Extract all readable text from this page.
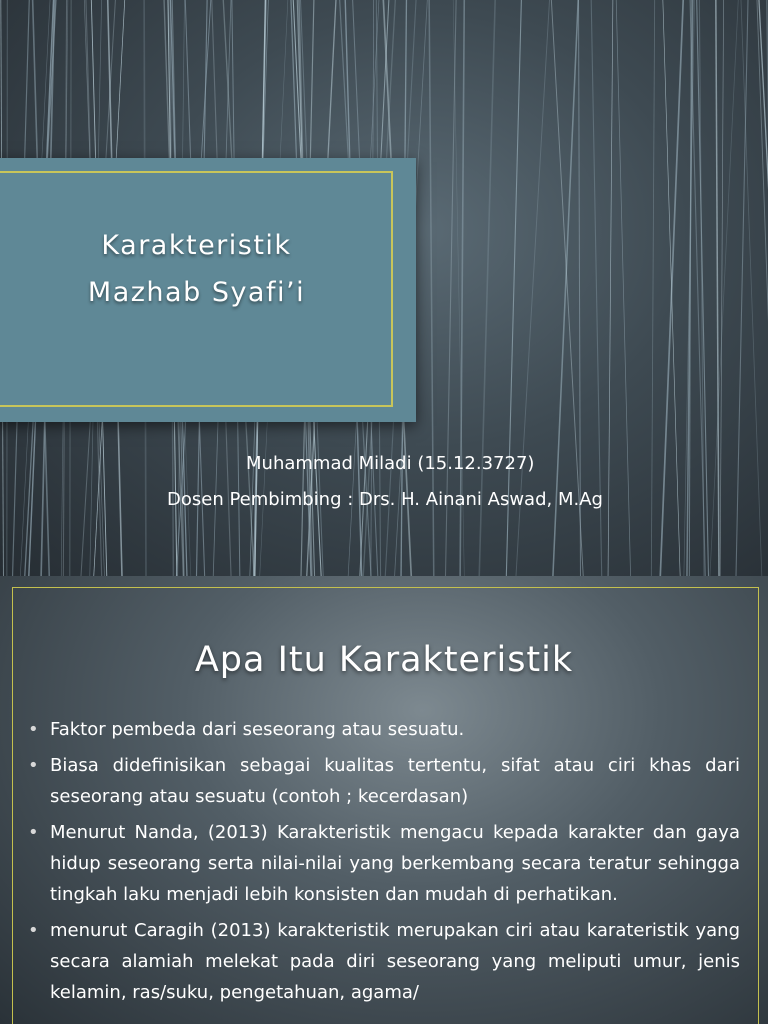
Karakteristik
Mazhab Syafi’i
Muhammad Miladi (15.12.3727)
Dosen Pembimbing : Drs. H. Ainani Aswad, M.Ag
Apa Itu Karakteristik
• Faktor pembeda dari seseorang atau sesuatu.
• Biasa didefinisikan sebagai kualitas tertentu, sifat atau ciri khas dari seseorang atau sesuatu (contoh ; kecerdasan)
• Menurut Nanda, (2013) Karakteristik mengacu kepada karakter dan gaya hidup seseorang serta nilai-nilai yang berkembang secara teratur sehingga tingkah laku menjadi lebih konsisten dan mudah di perhatikan.
• menurut Caragih (2013) karakteristik merupakan ciri atau karateristik yang secara alamiah melekat pada diri seseorang yang meliputi umur, jenis kelamin, ras/suku, pengetahuan, agama/
